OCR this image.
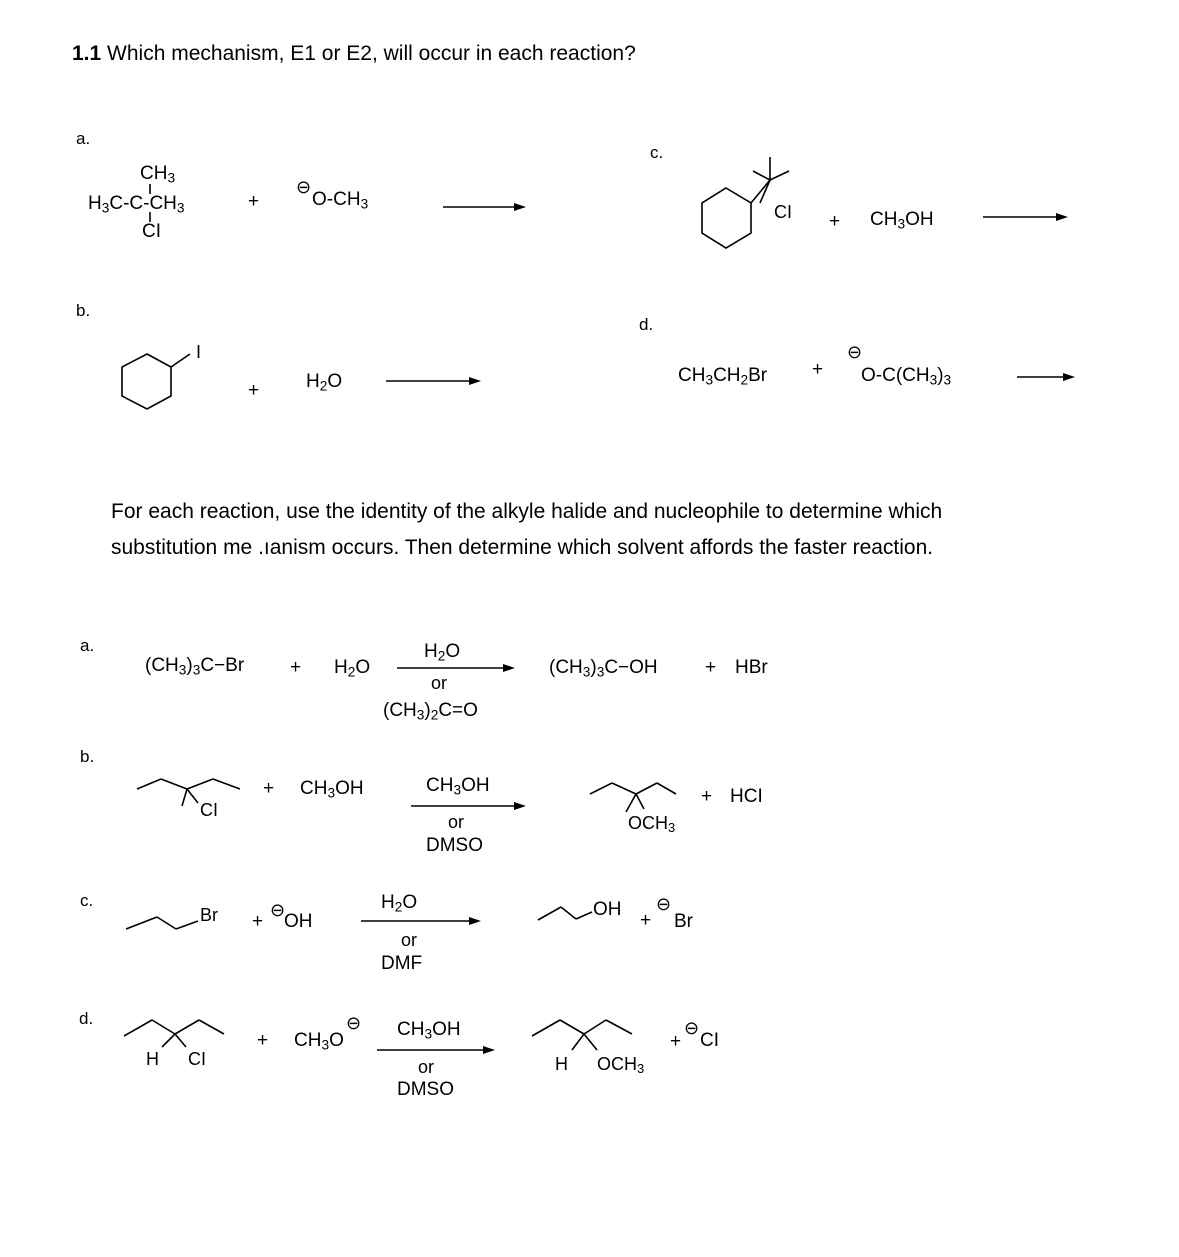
1.1 Which mechanism, E1 or E2, will occur in each reaction?
a.
$CH_3$
$H_3C-C-CH_3$
CI
+
⊖
$O-CH_3$
c.
CI + $CH_3OH$
b.
I
+ $H_2O$
d.
$CH_3CH_2Br$ +
⊖
$O-C(CH_3)_3$
For each reaction, use the identity of the alkyle halide and nucleophile to determine which
substitution me .ıanism occurs. Then determine which solvent affords the faster reaction.
a.
$(CH_3)_3C-Br + H_2O$
$H_2O$
or
$(CH_3)_2C=O$
$(CH_3)_3C-OH$ + HBr
b.
CI
+ $CH_3OH$	$CH_3OH$
or
DMSO
$OCH_3$
+ HCI
c.
Br +
⊖
OH
$H_2O$
or
DMF
OH
+
⊖
Br
d.
H CI
+ $CH_3O$
⊖ $CH_3OH$
or
DMSO
H $OCH_3$
+
⊖
CI
